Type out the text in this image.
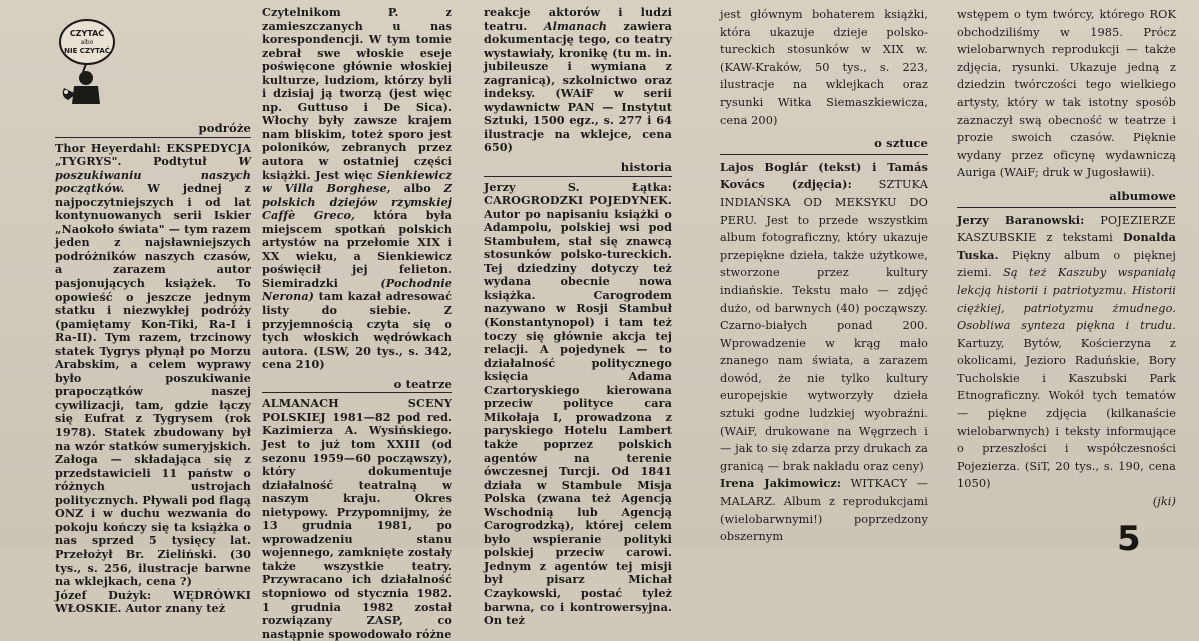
CZYTAĆ
albo
NIE CZYTAĆ
podróże

Thor Heyerdahl: EKSPEDYCJA „TYGRYS".	Podtytuł	W poszukiwaniu naszych początków. W jednej z najpoczytniejszych i od lat kontynuowanych serii Iskier „Naokoło świata" — tym razem jeden z najsławniejszych podróżników naszych czasów, a zarazem autor pasjonujących książek. To opowieść o jeszcze jednym statku i niezwykłej podróży (pamiętamy Kon-Tiki, Ra-I i Ra-II). Tym razem, trzcinowy statek Tygrys płynął po Morzu Arabskim, a celem wyprawy było poszukiwanie prapoczątków naszej cywilizacji, tam, gdzie łączy się Eufrat z Tygrysem (rok 1978). Statek zbudowany był na wzór statków sumeryjskich. Załoga — składająca się z przedstawicieli 11 państw o różnych ustrojach politycznych. Pływali pod flagą ONZ i w duchu wezwania do pokoju kończy się ta książka o nas sprzed 5 tysięcy lat. Przełożył Br. Zieliński. (30 tys., s. 256, ilustracje barwne na wklejkach, cena ?)

Józef Dużyk: WĘDRÓWKI WŁOSKIE. Autor znany też

Czytelnikom P. z zamieszczanych u nas korespondencji. W tym tomie zebrał swe włoskie eseje poświęcone głównie włoskiej kulturze, ludziom, którzy byli i dzisiaj ją tworzą (jest więc np. Guttuso i De Sica). Włochy były zawsze krajem nam bliskim, toteż sporo jest poloników, zebranych przez autora w ostatniej części książki. Jest więc Sienkiewicz w Villa Borghese, albo Z polskich dziejów rzymskiej Caffè Greco, która była miejscem spotkań polskich artystów na przełomie XIX i XX wieku, a Sienkiewicz poświęcił jej felieton. Siemiradzki	(Pochodnie Nerona) tam kazał adresować listy do siebie. Z przyjemnością czyta się o tych włoskich wędrówkach autora. (LSW, 20 tys., s. 342, cena 210)

o teatrze

ALMANACH SCENY POLSKIEJ 1981—82 pod red. Kazimierza A. Wysińskiego. Jest to już tom XXIII (od sezonu 1959—60 począwszy), który dokumentuje działalność teatralną w naszym kraju. Okres nietypowy. Przypomnijmy, że 13 grudnia 1981, po wprowadzeniu stanu wojennego, zamknięte zostały także wszystkie teatry. Przywracano ich działalność stopniowo od stycznia 1982. 1 grudnia 1982 został rozwiązany ZASP, co nastąpnie spowodowało różne

reakcje aktorów i ludzi teatru. Almanach zawiera dokumentację tego, co teatry wystawiały, kronikę (tu m. in. jubileusze i wymiana z zagranicą), szkolnictwo oraz indeksy. (WAiF w serii wydawnictw PAN — Instytut Sztuki, 1500 egz., s. 277 i 64 ilustracje na wklejce, cena 650)

historia

Jerzy S. Łątka: CAROGRODZKI POJEDYNEK. Autor po napisaniu książki o Adampolu, polskiej wsi pod Stambułem, stał się znawcą stosunków polsko-tureckich. Tej dziedziny dotyczy też wydana obecnie nowa książka. Carogrodem nazywano w Rosji Stambuł (Konstantynopol) i tam też toczy się głównie akcja tej relacji. A pojedynek — to działalność politycznego księcia Adama Czartoryskiego kierowana przeciw polityce cara Mikołaja I, prowadzona z paryskiego Hotelu Lambert także poprzez polskich agentów na terenie ówczesnej Turcji. Od 1841 działa w Stambule Misja Polska (zwana też Agencją Wschodnią lub Agencją Carogrodzką), której celem było wspieranie polityki polskiej przeciw carowi. Jednym z agentów tej misji był pisarz Michał Czaykowski, postać tyleż barwna, co i kontrowersyjna. On też

jest głównym bohaterem książki, która ukazuje dzieje polsko-tureckich stosunków w XIX w. (KAW-Kraków, 50 tys., s. 223, ilustracje na wklejkach oraz rysunki Witka Siemaszkiewicza, cena 200)

o sztuce

Lajos Boglár (tekst) i Tamás Kovács (zdjęcia): SZTUKA INDIAŃSKA OD MEKSYKU DO PERU. Jest to przede wszystkim album fotograficzny, który ukazuje przepiękne dzieła, także użytkowe, stworzone przez kultury indiańskie. Tekstu mało — zdjęć dużo, od barwnych (40) począwszy. Czarno-białych ponad 200. Wprowadzenie w krąg mało znanego nam świata, a zarazem dowód, że nie tylko kultury europejskie wytworzyły dzieła sztuki godne ludzkiej wyobraźni. (WAiF, drukowane na Węgrzech i — jak to się zdarza przy drukach za granicą — brak nakładu oraz ceny)

Irena Jakimowicz: WITKACY — MALARZ. Album z reprodukcjami (wielobarwnymi!) poprzedzony obszernym

wstępem o tym twórcy, którego ROK obchodziliśmy w 1985. Prócz wielobarwnych reprodukcji — także zdjęcia, rysunki. Ukazuje jedną z dziedzin twórczości tego wielkiego artysty, który w tak istotny sposób zaznaczył swą obecność w teatrze i prozie swoich czasów. Pięknie wydany przez oficynę wydawniczą Auriga (WAiF; druk w Jugosławii).

albumowe

Jerzy Baranowski: POJEZIERZE KASZUBSKIE z tekstami Donalda Tuska. Piękny album o pięknej ziemi. Są też Kaszuby wspaniałą lekcją historii i patriotyzmu. Historii ciężkiej, patriotyzmu żmudnego. Osobliwa synteza piękna i trudu. Kartuzy, Bytów, Kościerzyna z okolicami, Jezioro Raduńskie, Bory Tucholskie i Kaszubski Park Etnograficzny. Wokół tych tematów — piękne zdjęcia (kilkanaście wielobarwnych) i teksty informujące o przeszłości i współczesności Pojezierza. (SiT, 20 tys., s. 190, cena 1050)

(jki)
5
